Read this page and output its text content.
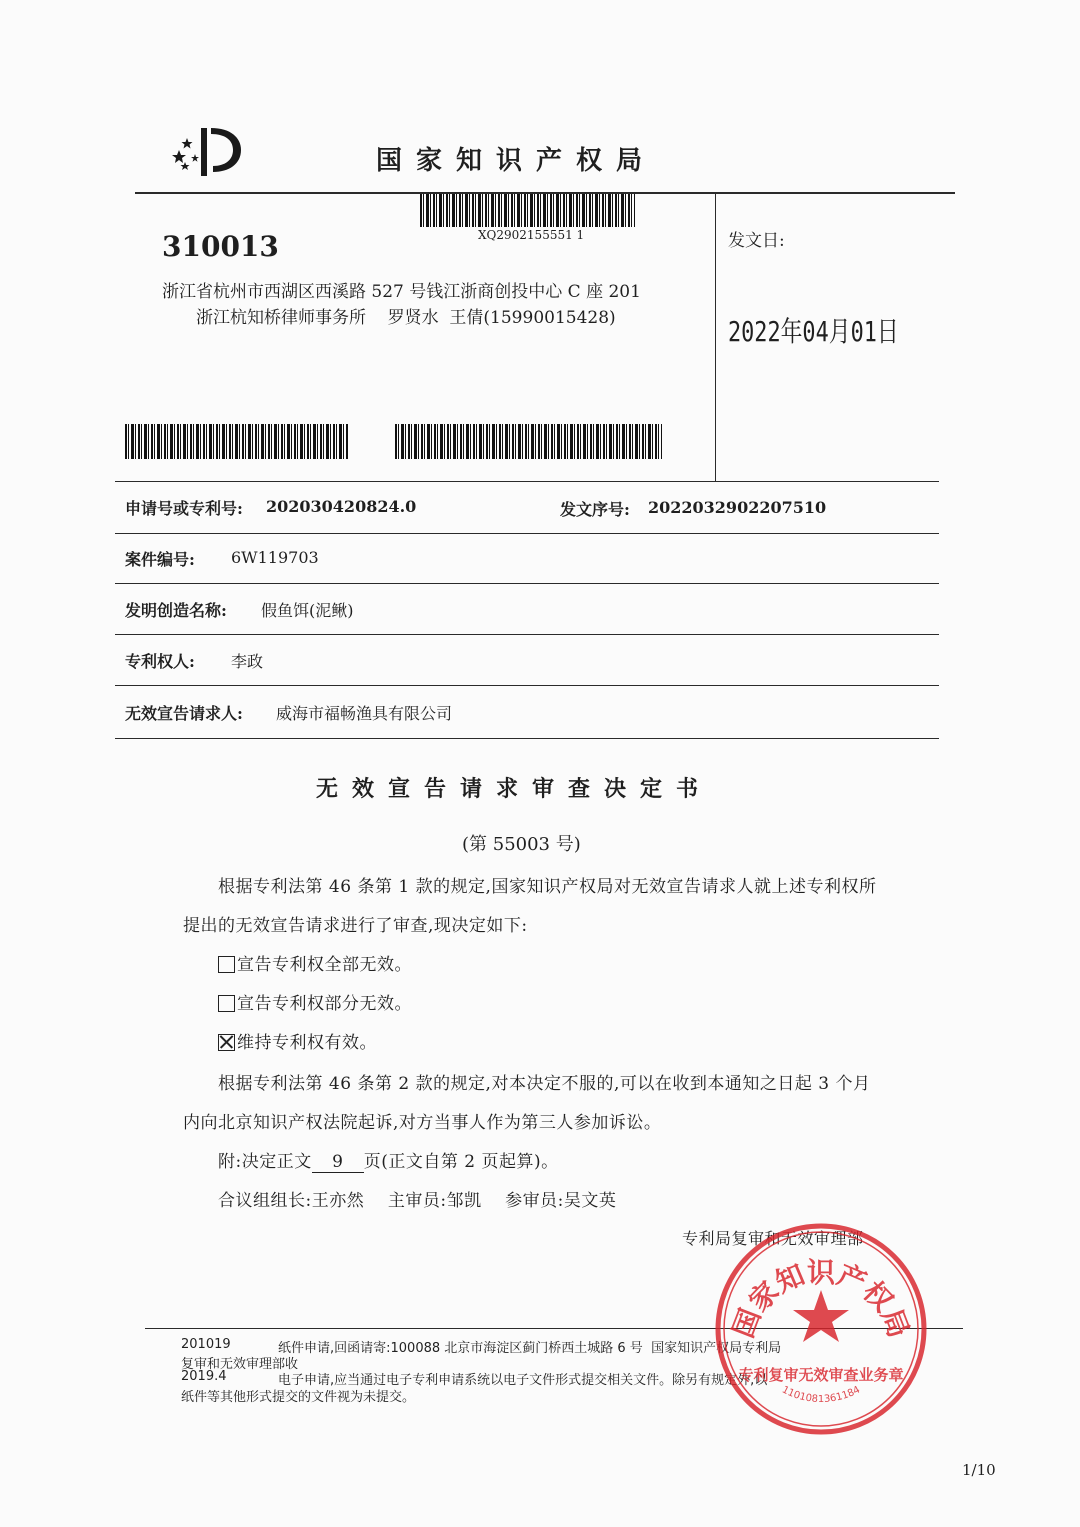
国家知识产权局
XQ2902155551 1
310013
浙江省杭州市西湖区西溪路 527 号钱江浙商创投中心 C 座 201
浙江杭知桥律师事务所    罗贤水  王倩(15990015428)
发文日:
2022年04月01日
申请号或专利号: 202030420824.0	发文序号: 2022032902207510
案件编号: 6W119703
发明创造名称: 假鱼饵(泥鳅)
专利权人: 李政
无效宣告请求人: 威海市福畅渔具有限公司
无效宣告请求审查决定书
(第 55003 号)
根据专利法第 46 条第 1 款的规定,国家知识产权局对无效宣告请求人就上述专利权所
提出的无效宣告请求进行了审查,现决定如下:
宣告专利权全部无效。
宣告专利权部分无效。
维持专利权有效。
根据专利法第 46 条第 2 款的规定,对本决定不服的,可以在收到本通知之日起 3 个月
内向北京知识产权法院起诉,对方当事人作为第三人参加诉讼。
附:决定正文 9 页(正文自第 2 页起算)。
合议组组长:王亦然    主审员:邹凯    参审员:吴文英
专利局复审和无效审理部
201019	纸件申请,回函请寄:100088 北京市海淀区蓟门桥西土城路 6 号  国家知识产权局专利局
复审和无效审理部收
2019.4	电子申请,应当通过电子专利申请系统以电子文件形式提交相关文件。除另有规定外,以
纸件等其他形式提交的文件视为未提交。
1/10
国家知识产权局
专利复审无效审查业务章
1101081361184
